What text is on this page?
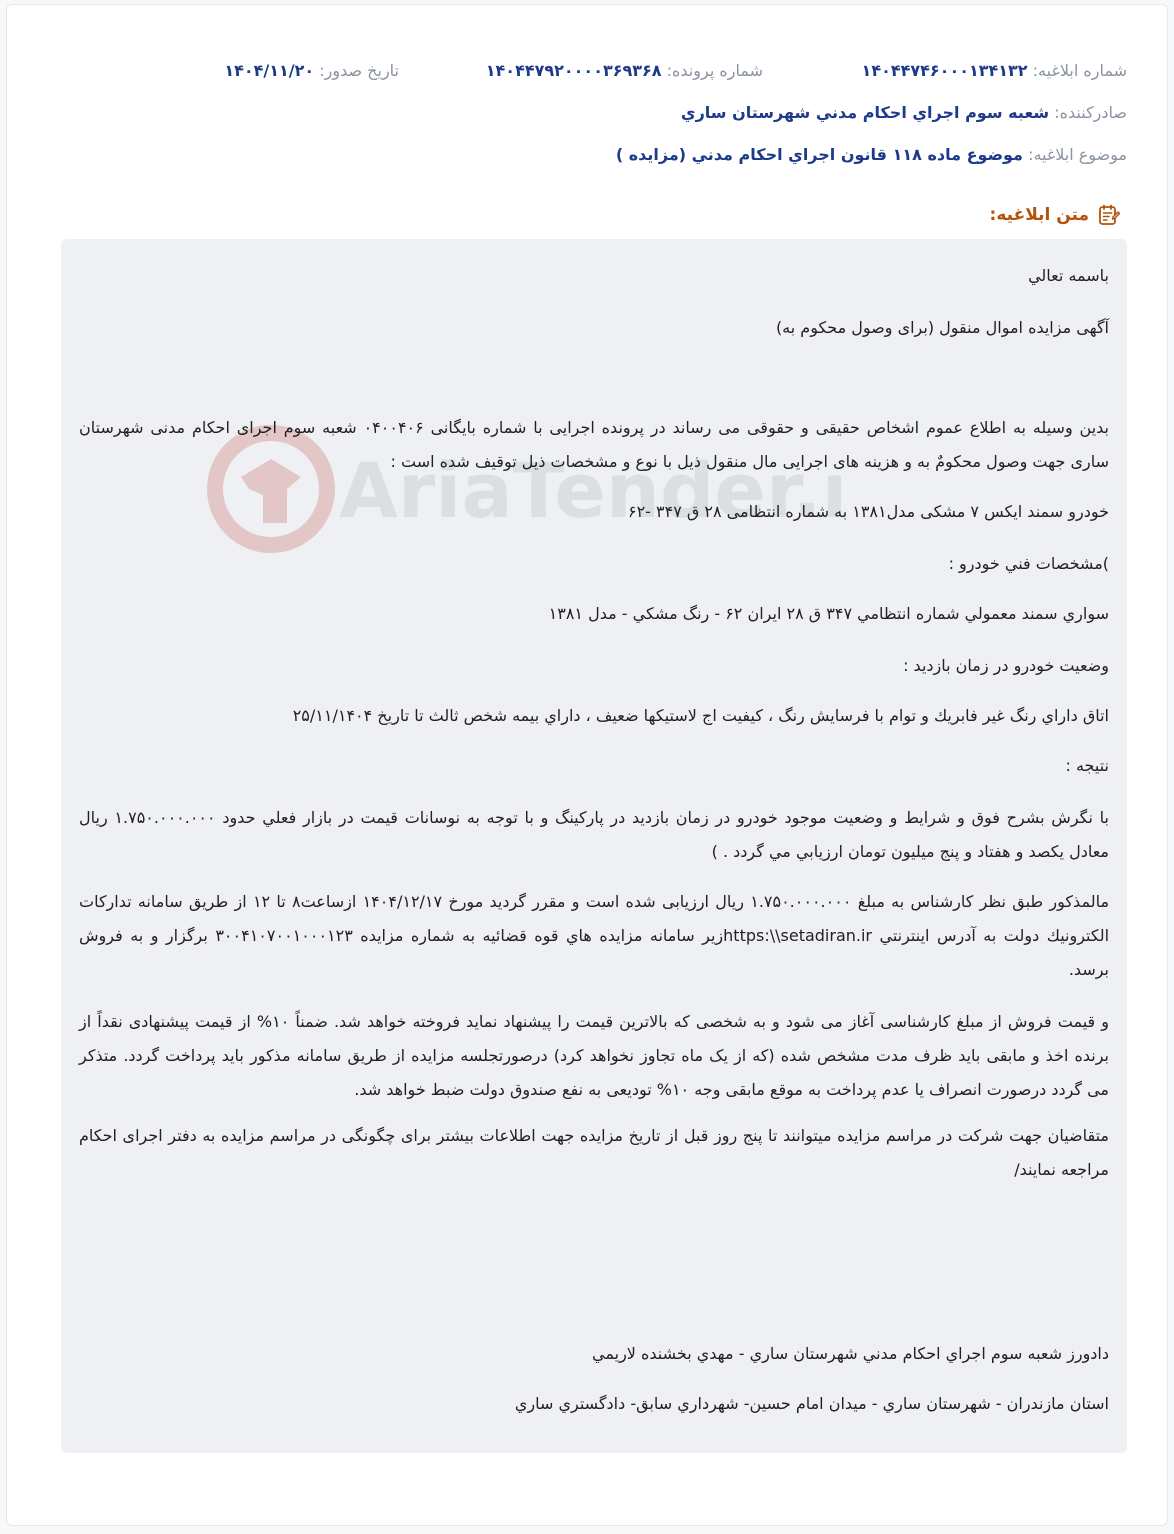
شماره ابلاغیه: ۱۴۰۴۴۷۴۶۰۰۰۱۳۴۱۳۲
شماره پرونده: ۱۴۰۴۴۷۹۲۰۰۰۰۳۶۹۳۶۸
تاریخ صدور: ۱۴۰۴/۱۱/۲۰
صادرکننده: شعبه سوم اجراي احكام مدني شهرستان ساري
موضوع ابلاغیه: موضوع ماده ۱۱۸ قانون اجراي احکام مدني (مزايده )
متن ابلاغیه:
AriaTender.

باسمه تعالي

آگهی مزایده اموال منقول (برای وصول محکوم به)

بدین وسیله به اطلاع عموم اشخاص حقیقی و حقوقی می رساند در پرونده اجرایی با شماره بایگانی ۰۴۰۰۴۰۶ شعبه سوم اجرای احکام مدنی شهرستان ساری جهت وصول محکومٌ به و هزینه های اجرایی مال منقول ذیل با نوع و مشخصات ذیل توقیف شده است :

خودرو سمند ایکس ۷ مشکی مدل۱۳۸۱ به شماره انتظامی ۲۸ ق ۳۴۷ -۶۲

)مشخصات فني خودرو :

سواري سمند معمولي شماره انتظامي ۳۴۷ ق ۲۸ ايران ۶۲ - رنگ مشكي - مدل ۱۳۸۱

وضعيت خودرو در زمان بازديد :

اتاق داراي رنگ غير فابريك و توام با فرسايش رنگ ، كيفيت اج لاستيكها ضعيف ، داراي بيمه شخص ثالث تا تاريخ ۲۵/۱۱/۱۴۰۴

نتيجه :

با نگرش بشرح فوق و شرايط و وضعيت موجود خودرو در زمان بازديد در پاركينگ و با توجه به نوسانات قيمت در بازار فعلي حدود ۱.۷۵۰.۰۰۰.۰۰۰ ريال معادل يكصد و هفتاد و پنج ميليون تومان ارزيابي مي گردد . )

مالمذکور طبق نظر کارشناس به مبلغ ۱.۷۵۰.۰۰۰.۰۰۰ ریال ارزیابی شده است و مقرر گرديد مورخ ۱۴۰۴/۱۲/۱۷ ازساعت۸ تا ۱۲ از طريق سامانه تداركات الكترونيك دولت به آدرس اينترنتي https:\\setadiran.irزير سامانه مزايده هاي قوه قضائيه به شماره مزايده ۳۰۰۴۱۰۷۰۰۱۰۰۰۱۲۳ برگزار و به فروش برسد.

و قیمت فروش از مبلغ کارشناسی آغاز می شود و به شخصی که بالاترین قیمت را پیشنهاد نماید فروخته خواهد شد. ضمناً ۱۰% از قیمت پیشنهادی نقداً از برنده اخذ و مابقی باید ظرف مدت مشخص شده (که از یک ماه تجاوز نخواهد کرد) درصورتجلسه مزایده از طریق سامانه مذکور باید پرداخت گردد. متذکر می گردد درصورت انصراف یا عدم پرداخت به موقع مابقی وجه ۱۰% تودیعی به نفع صندوق دولت ضبط خواهد شد.

متقاضیان جهت شرکت در مراسم مزایده میتوانند تا پنج روز قبل از تاریخ مزایده جهت اطلاعات بیشتر برای چگونگی در مراسم مزایده به دفتر اجرای احکام مراجعه نمایند/

دادورز شعبه سوم اجراي احكام مدني شهرستان ساري - مهدي بخشنده لاريمي

استان مازندران - شهرستان ساري - ميدان امام حسين- شهرداري سابق- دادگستري ساري
